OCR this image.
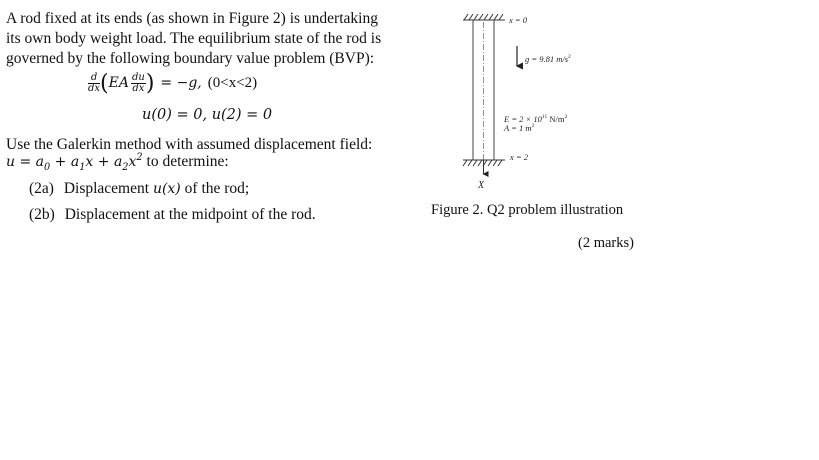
A rod fixed at its ends (as shown in Figure 2) is undertaking
its own body weight load. The equilibrium state of the rod is
governed by the following boundary value problem (BVP):
$\frac{d}{dx}$ ( EA $\frac{du}{dx}$ ) = −g, (0<x<2)
u(0) = 0, u(2) = 0
Use the Galerkin method with assumed displacement field:
$u = a_0 + a_1x + a_2x^2$ to determine:
(2a) Displacement u(x) of the rod;
(2b) Displacement at the midpoint of the rod.
x = 0
g = 9.81 $m/s^2$
$E = 2 \times 10^{11}$ $N/m^2$
A = 1 $m^2$
x = 2
X
Figure 2. Q2 problem illustration
(2 marks)
